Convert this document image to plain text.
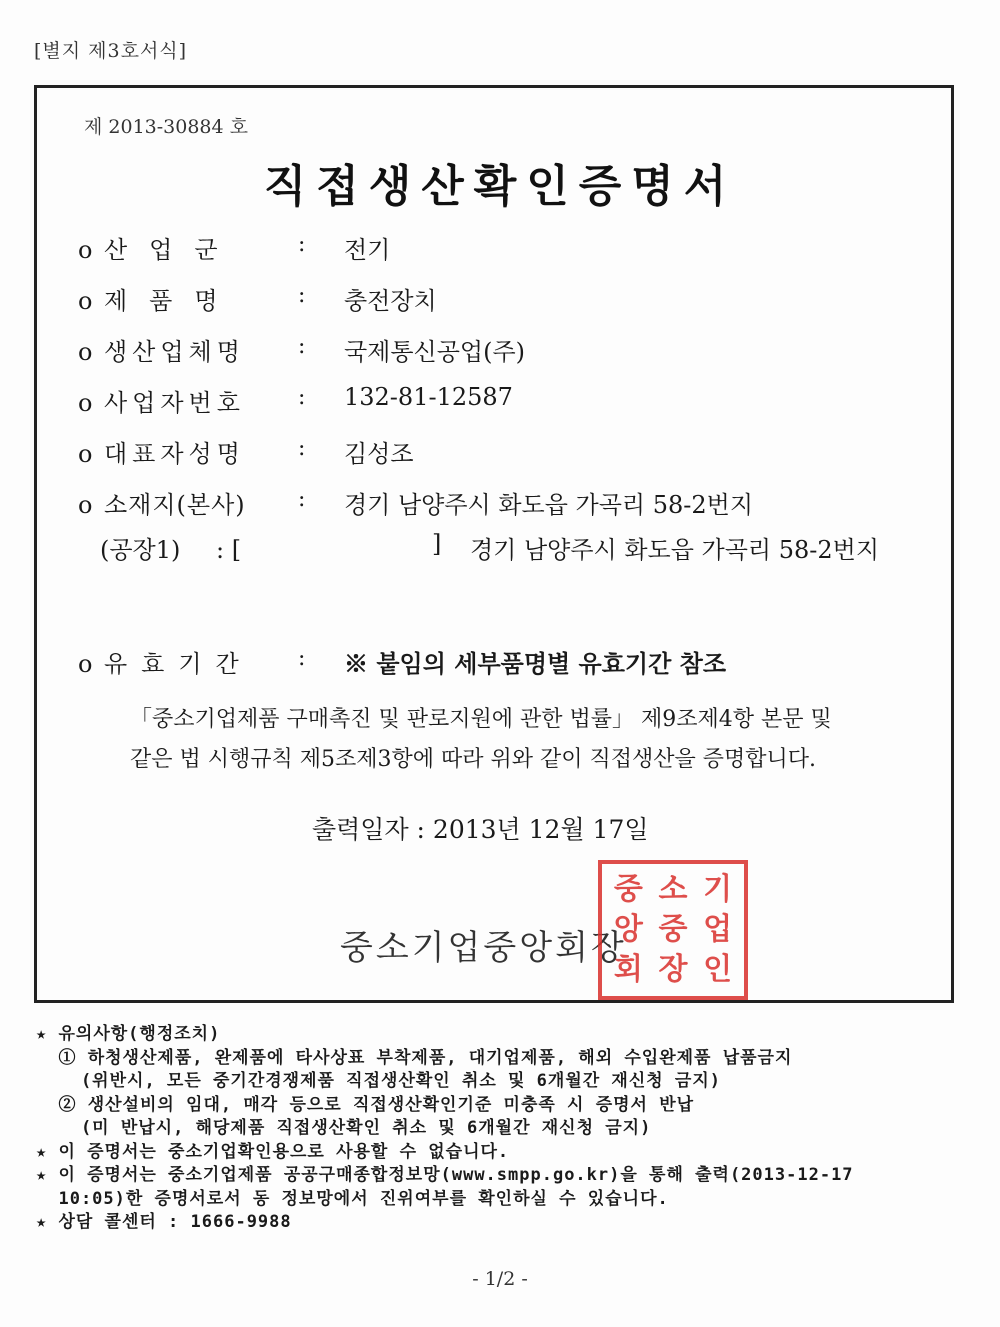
[별지 제3호서식]
제 2013-30884 호
직접생산확인증명서
o 산업군	: 전기
o 제품명	: 충전장치
o 생산업체명	: 국제통신공업(주)
o 사업자번호	: 132-81-12587
o 대표자성명	: 김성조
o 소재지(본사)	: 경기 남양주시 화도읍 가곡리 58-2번지
(공장1) : [	] 경기 남양주시 화도읍 가곡리 58-2번지
o 유효기간	: ※ 붙임의 세부품명별 유효기간 참조
「중소기업제품 구매촉진 및 판로지원에 관한 법률」 제9조제4항 본문 및
같은 법 시행규칙 제5조제3항에 따라 위와 같이 직접생산을 증명합니다.
출력일자 : 2013년 12월 17일
중소기업중앙회장
중 소 기
앙 중 업
회 장 인
★ 유의사항(행정조치)
① 하청생산제품, 완제품에 타사상표 부착제품, 대기업제품, 해외 수입완제품 납품금지
(위반시, 모든 중기간경쟁제품 직접생산확인 취소 및 6개월간 재신청 금지)
② 생산설비의 임대, 매각 등으로 직접생산확인기준 미충족 시 증명서 반납
(미 반납시, 해당제품 직접생산확인 취소 및 6개월간 재신청 금지)
★ 이 증명서는 중소기업확인용으로 사용할 수 없습니다.
★ 이 증명서는 중소기업제품 공공구매종합정보망(www.smpp.go.kr)을 통해 출력(2013-12-17
10:05)한 증명서로서 동 정보망에서 진위여부를 확인하실 수 있습니다.
★ 상담 콜센터 : 1666-9988
- 1/2 -
